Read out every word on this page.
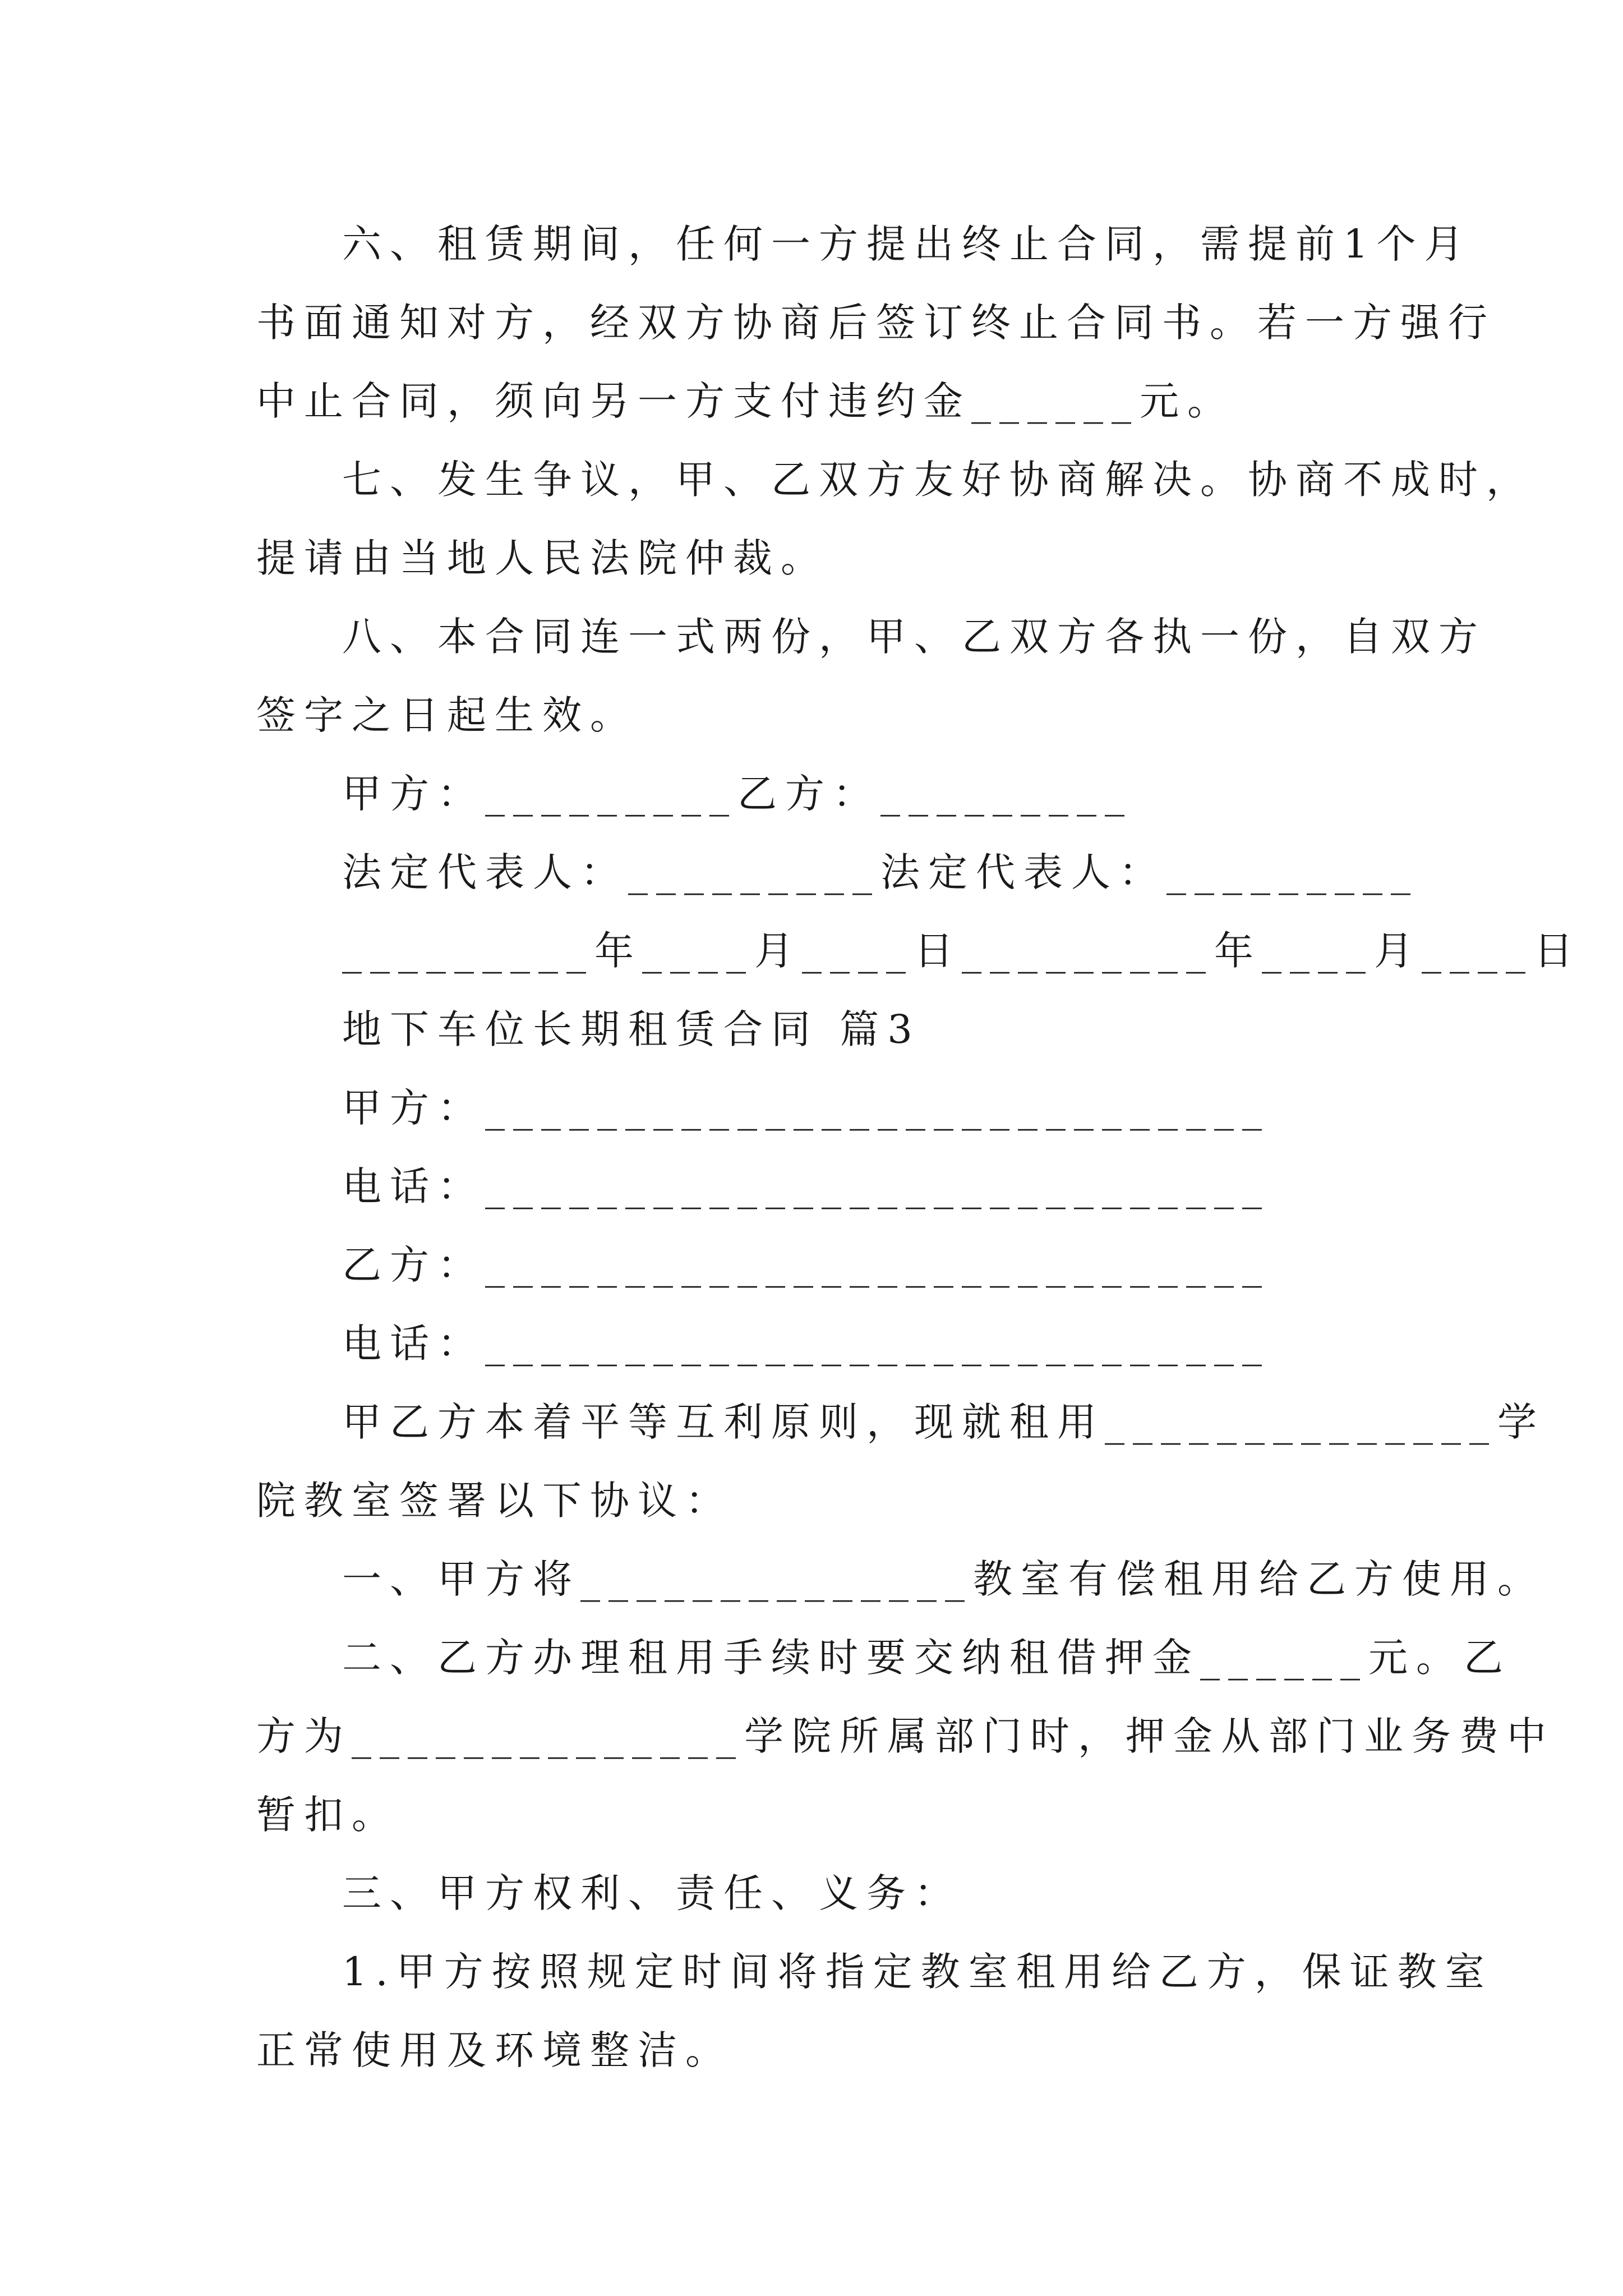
六、租赁期间，任何一方提出终止合同，需提前1个月
书面通知对方，经双方协商后签订终止合同书。若一方强行
中止合同，须向另一方支付违约金______元。
七、发生争议，甲、乙双方友好协商解决。协商不成时，
提请由当地人民法院仲裁。
八、本合同连一式两份，甲、乙双方各执一份，自双方
签字之日起生效。
甲方：_________乙方：_________
法定代表人：_________法定代表人：_________
_________年____月____日_________年____月____日
地下车位长期租赁合同 篇3
甲方：____________________________
电话：____________________________
乙方：____________________________
电话：____________________________
甲乙方本着平等互利原则，现就租用______________学
院教室签署以下协议：
一、甲方将______________教室有偿租用给乙方使用。
二、乙方办理租用手续时要交纳租借押金______元。乙
方为______________学院所属部门时，押金从部门业务费中
暂扣。
三、甲方权利、责任、义务：
1.甲方按照规定时间将指定教室租用给乙方，保证教室
正常使用及环境整洁。
